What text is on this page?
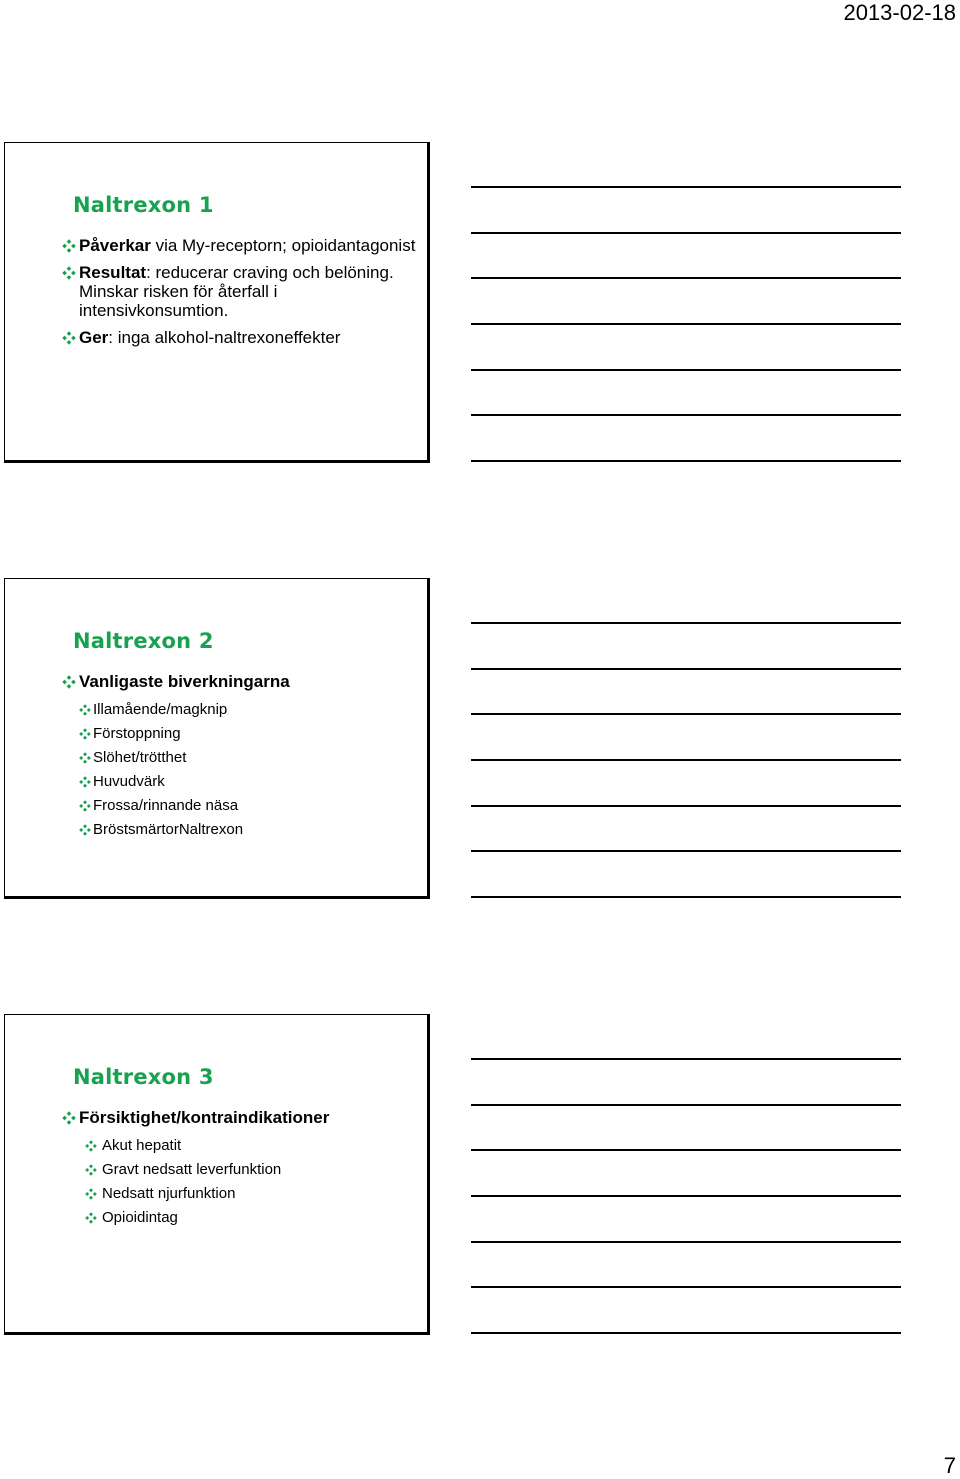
2013-02-18
Naltrexon 1
Påverkar via My-receptorn; opioidantagonist
Resultat: reducerar craving och belöning. Minskar risken för återfall i intensivkonsumtion.
Ger: inga alkohol-naltrexoneffekter
Naltrexon 2
Vanligaste biverkningarna
Illamående/magknip
Förstoppning
Slöhet/trötthet
Huvudvärk
Frossa/rinnande näsa
BröstsmärtorNaltrexon
Naltrexon 3
Försiktighet/kontraindikationer
Akut hepatit
Gravt nedsatt leverfunktion
Nedsatt njurfunktion
Opioidintag
7
